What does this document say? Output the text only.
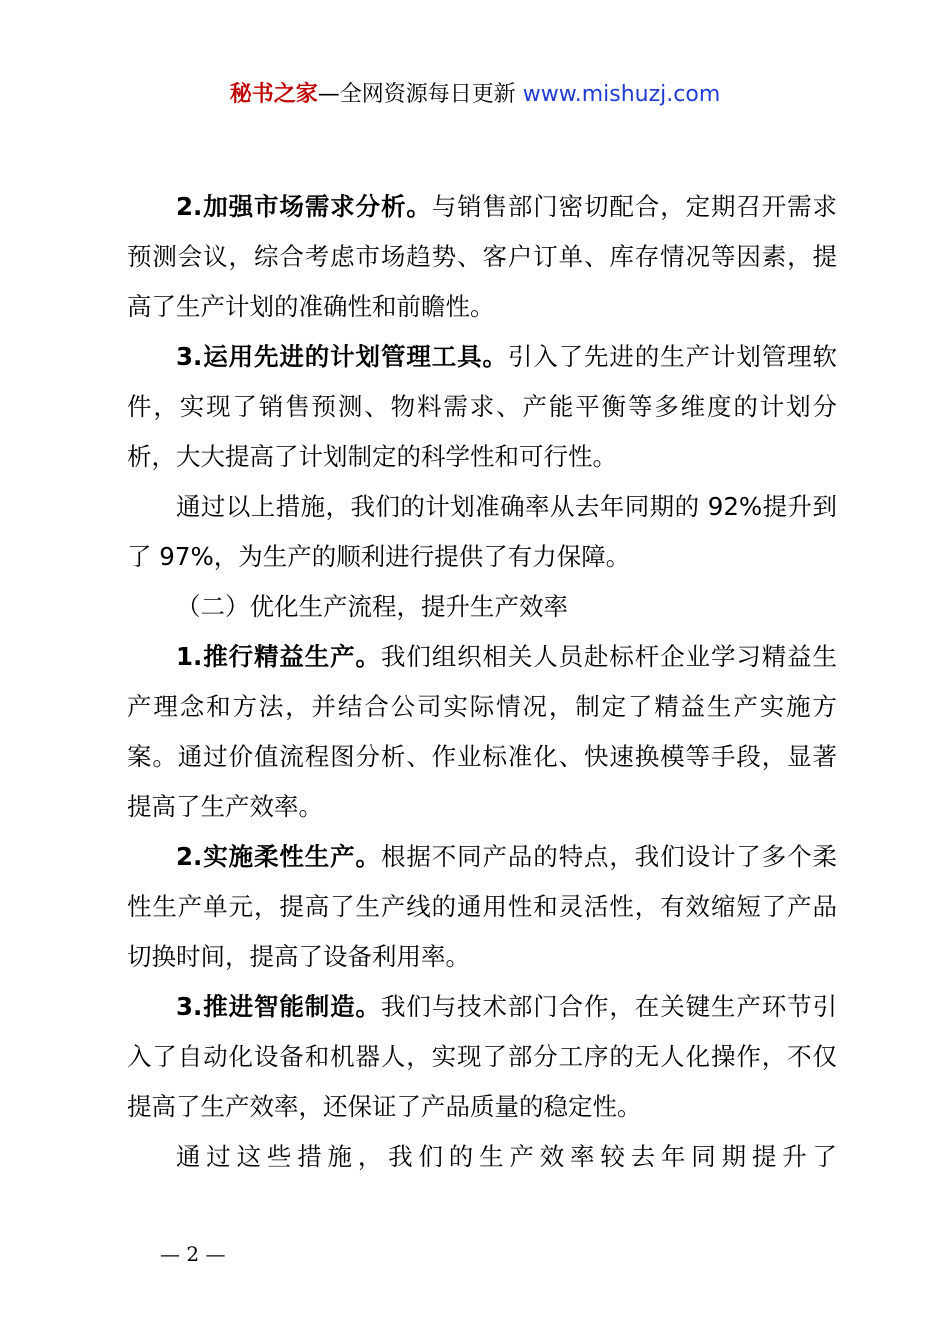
秘书之家—全网资源每日更新 www.mishuzj.com

2.加强市场需求分析。与销售部门密切配合，定期召开需求预测会议，综合考虑市场趋势、客户订单、库存情况等因素，提高了生产计划的准确性和前瞻性。

3.运用先进的计划管理工具。引入了先进的生产计划管理软件，实现了销售预测、物料需求、产能平衡等多维度的计划分析，大大提高了计划制定的科学性和可行性。

通过以上措施，我们的计划准确率从去年同期的 92%提升到了 97%，为生产的顺利进行提供了有力保障。

（二）优化生产流程，提升生产效率

1.推行精益生产。我们组织相关人员赴标杆企业学习精益生产理念和方法，并结合公司实际情况，制定了精益生产实施方案。通过价值流程图分析、作业标准化、快速换模等手段，显著提高了生产效率。

2.实施柔性生产。根据不同产品的特点，我们设计了多个柔性生产单元，提高了生产线的通用性和灵活性，有效缩短了产品切换时间，提高了设备利用率。

3.推进智能制造。我们与技术部门合作，在关键生产环节引入了自动化设备和机器人，实现了部分工序的无人化操作，不仅提高了生产效率，还保证了产品质量的稳定性。

通过这些措施，我们的生产效率较去年同期提升了

— 2 —
